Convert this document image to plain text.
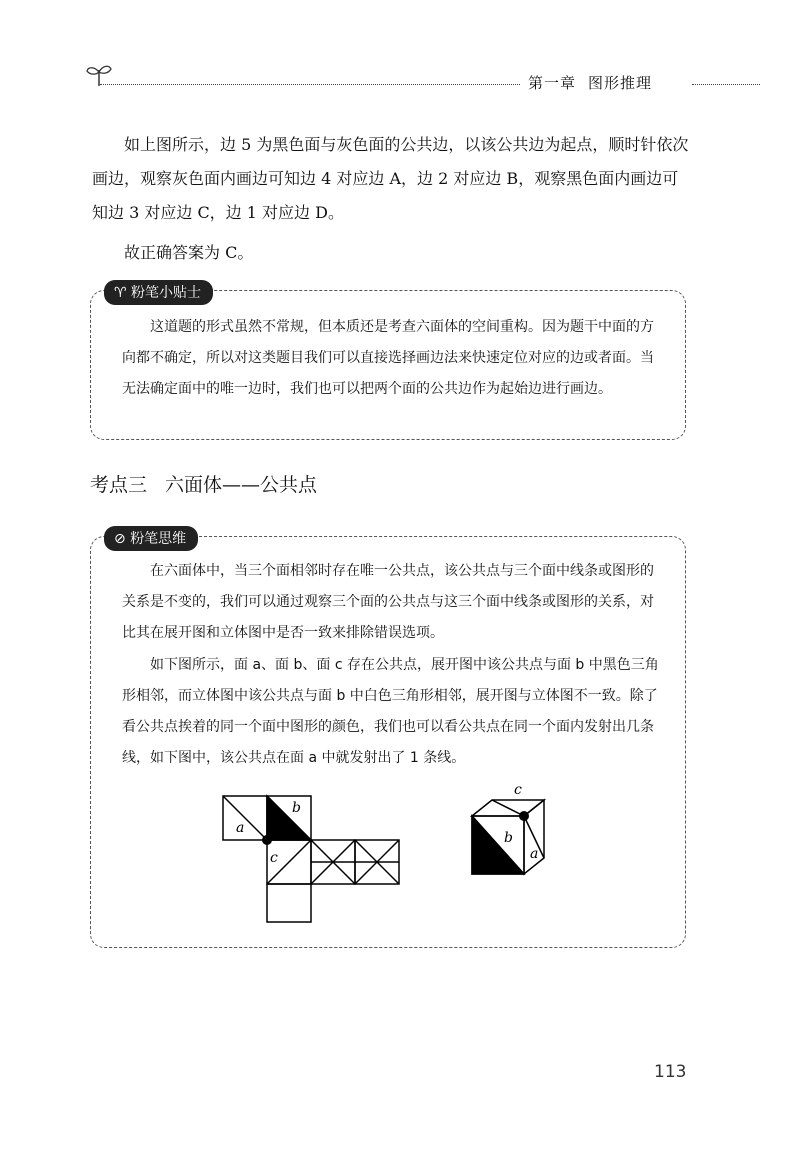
第一章 图形推理
如上图所示，边 5 为黑色面与灰色面的公共边，以该公共边为起点，顺时针依次画边，观察灰色面内画边可知边 4 对应边 A，边 2 对应边 B，观察黑色面内画边可知边 3 对应边 C，边 1 对应边 D。
故正确答案为 C。
♈ 粉笔小贴士
这道题的形式虽然不常规，但本质还是考查六面体的空间重构。因为题干中面的方向都不确定，所以对这类题目我们可以直接选择画边法来快速定位对应的边或者面。当无法确定面中的唯一边时，我们也可以把两个面的公共边作为起始边进行画边。
考点三 六面体——公共点
⊘ 粉笔思维
在六面体中，当三个面相邻时存在唯一公共点，该公共点与三个面中线条或图形的关系是不变的，我们可以通过观察三个面的公共点与这三个面中线条或图形的关系，对比其在展开图和立体图中是否一致来排除错误选项。
如下图所示，面 a、面 b、面 c 存在公共点，展开图中该公共点与面 b 中黑色三角形相邻，而立体图中该公共点与面 b 中白色三角形相邻，展开图与立体图不一致。除了看公共点挨着的同一个面中图形的颜色，我们也可以看公共点在同一个面内发射出几条线，如下图中，该公共点在面 a 中就发射出了 1 条线。
a
b
c
c
b
a
113
